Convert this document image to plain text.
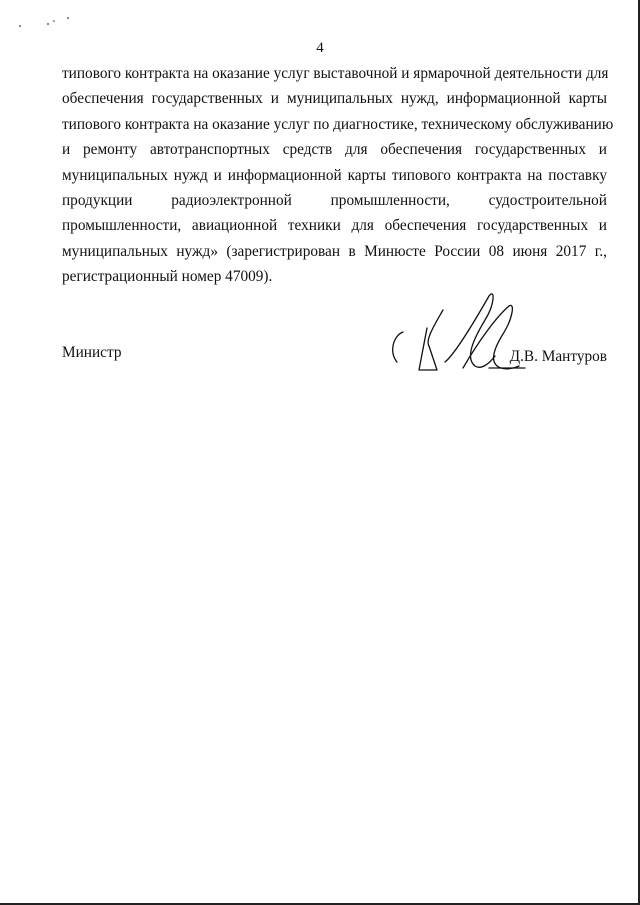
4
типового контракта на оказание услуг выставочной и ярмарочной деятельности для
обеспечения государственных и муниципальных нужд, информационной карты
типового контракта на оказание услуг по диагностике, техническому обслуживанию
и ремонту автотранспортных средств для обеспечения государственных и
муниципальных нужд и информационной карты типового контракта на поставку
продукции радиоэлектронной промышленности, судостроительной
промышленности, авиационной техники для обеспечения государственных и
муниципальных нужд» (зарегистрирован в Минюсте России 08 июня 2017 г.,
регистрационный номер 47009).
Министр	Д.В. Мантуров
